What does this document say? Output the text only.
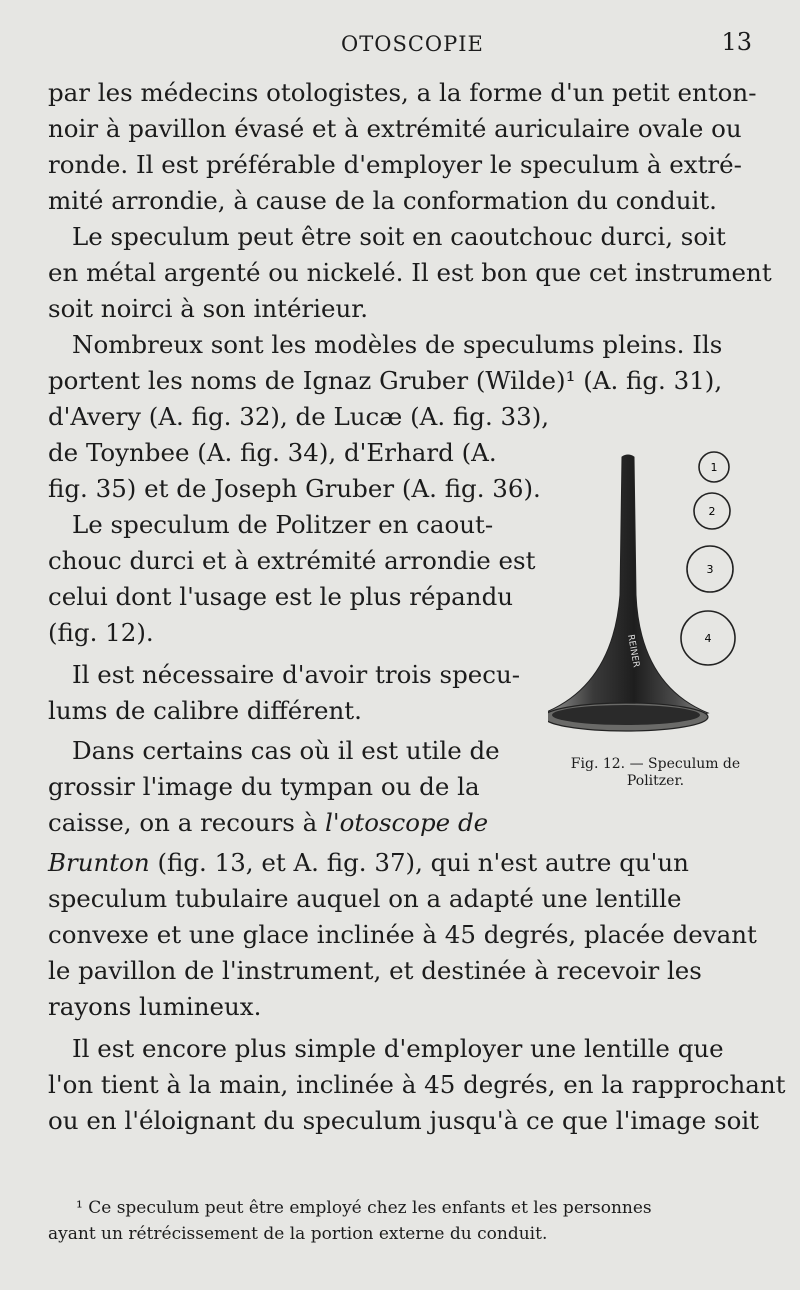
OTOSCOPIE	13
par les médecins otologistes, a la forme d'un petit enton-
noir à pavillon évasé et à extrémité auriculaire ovale ou
ronde. Il est préférable d'employer le speculum à extré-
mité arrondie, à cause de la conformation du conduit.
Le speculum peut être soit en caoutchouc durci, soit
en métal argenté ou nickelé. Il est bon que cet instrument
soit noirci à son intérieur.
Nombreux sont les modèles de speculums pleins. Ils
portent les noms de Ignaz Gruber (Wilde)¹ (A. fig. 31),
d'Avery (A. fig. 32), de Lucæ (A. fig. 33),
de Toynbee (A. fig. 34), d'Erhard (A.
fig. 35) et de Joseph Gruber (A. fig. 36).
Le speculum de Politzer en caout-
chouc durci et à extrémité arrondie est
celui dont l'usage est le plus répandu
(fig. 12).
Il est nécessaire d'avoir trois specu-
lums de calibre différent.
Dans certains cas où il est utile de
grossir l'image du tympan ou de la
caisse, on a recours à l'otoscope de
Brunton (fig. 13, et A. fig. 37), qui n'est autre qu'un
speculum tubulaire auquel on a adapté une lentille
convexe et une glace inclinée à 45 degrés, placée devant
le pavillon de l'instrument, et destinée à recevoir les
rayons lumineux.
Il est encore plus simple d'employer une lentille que
l'on tient à la main, inclinée à 45 degrés, en la rapprochant
ou en l'éloignant du speculum jusqu'à ce que l'image soit
REINER
1
2
3
4
Fig. 12. — Speculum de
Politzer.
¹ Ce speculum peut être employé chez les enfants et les personnes
ayant un rétrécissement de la portion externe du conduit.
